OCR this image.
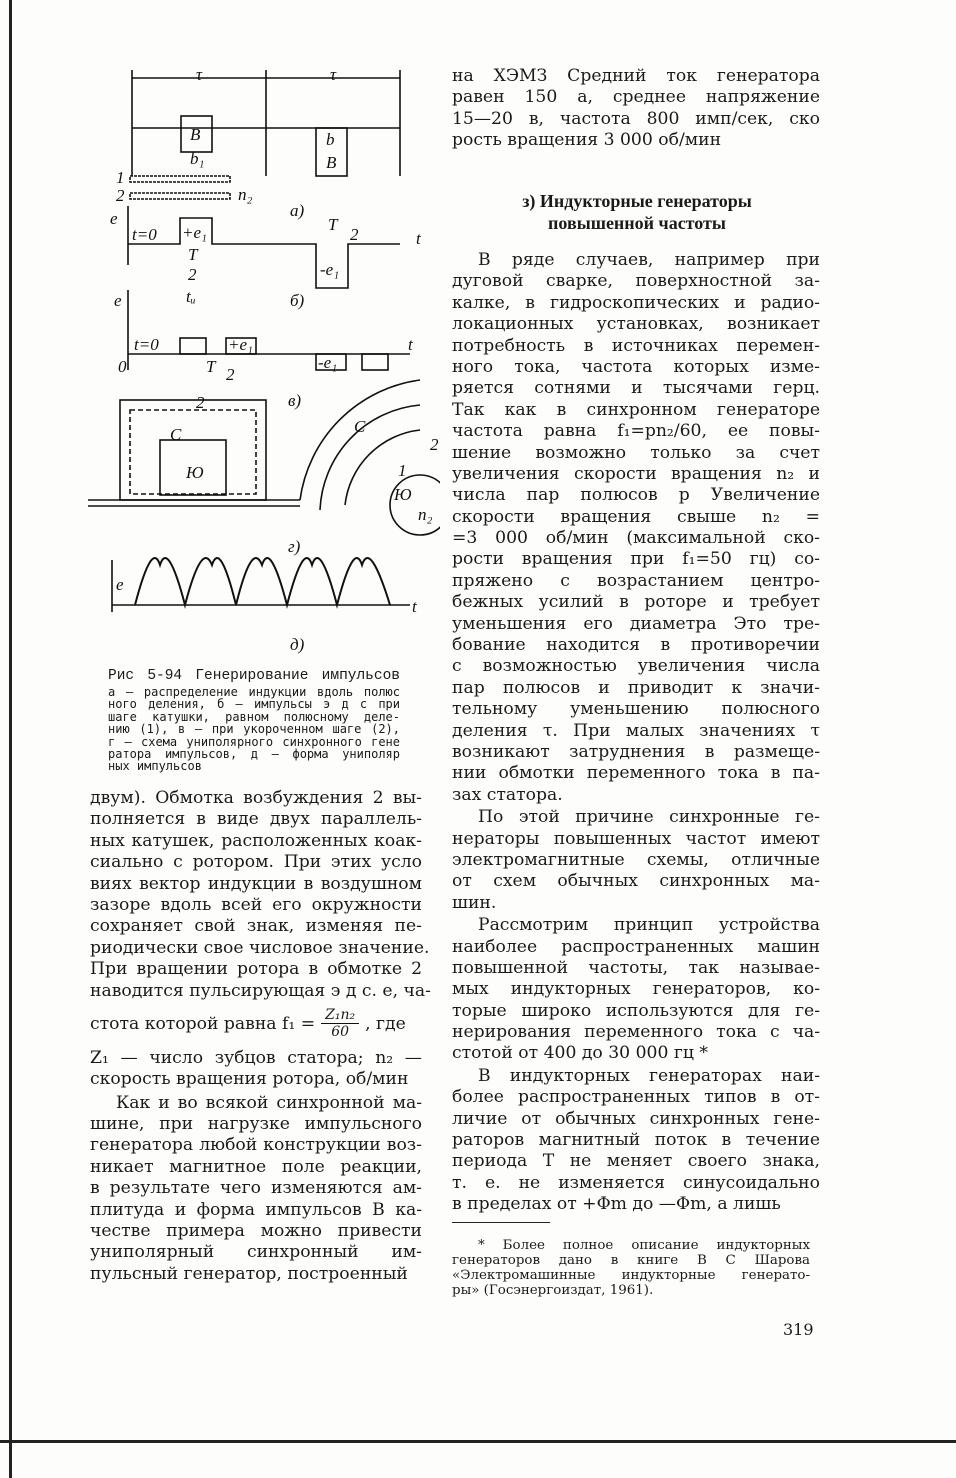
τ	τ
B
B
b₁
b
1
2	n₂
а)
e
t=0 +e₁
T
2
T
2	t
-e₁
tᵤ	б)
e
t=0	+e₁	t
0	T 2
-e₁
в)
C
2
Ю
C
1
2
Ю
n₂
г)
e
t
д)
Рис 5-94 Генерирование импульсов
а — распределение индукции вдоль полюс
ного деления, б — импульсы э д с при
шаге катушки, равном полюсному деле-
нию (1), в — при укороченном шаге (2),
г — схема униполярного синхронного гене
ратора импульсов, д — форма униполяр
ных импульсов
двум). Обмотка возбуждения 2 вы-
полняется в виде двух параллель-
ных катушек, расположенных коак-
сиально с ротором. При этих усло
виях вектор индукции в воздушном
зазоре вдоль всей его окружности
сохраняет свой знак, изменяя пе-
риодически свое числовое значение.
При вращении ротора в обмотке 2
наводится пульсирующая э д с. e, ча-
стота которой равна $f_1 = \frac{\text{Z₁n₂}}{60}$ , где
Z₁ — число зубцов статора; n₂ —
скорость вращения ротора, об/мин
Как и во всякой синхронной ма-
шине, при нагрузке импульсного
генератора любой конструкции воз-
никает магнитное поле реакции,
в результате чего изменяются ам-
плитуда и форма импульсов В ка-
честве примера можно привести
униполярный синхронный им-
пульсный генератор, построенный
на ХЭМЗ Средний ток генератора
равен 150 а, среднее напряжение
15—20 в, частота 800 имп/сек, ско
рость вращения 3 000 об/мин
з) Индукторные генераторы
повышенной частоты
В ряде случаев, например при
дуговой сварке, поверхностной за-
калке, в гидроскопических и радио-
локационных установках, возникает
потребность в источниках перемен-
ного тока, частота которых изме-
ряется сотнями и тысячами герц.
Так как в синхронном генераторе
частота равна f₁=pn₂/60, ее повы-
шение возможно только за счет
увеличения скорости вращения n₂ и
числа пар полюсов p Увеличение
скорости вращения свыше n₂ =
=3 000 об/мин (максимальной ско-
рости вращения при f₁=50 гц) со-
пряжено с возрастанием центро-
бежных усилий в роторе и требует
уменьшения его диаметра Это тре-
бование находится в противоречии
с возможностью увеличения числа
пар полюсов и приводит к значи-
тельному уменьшению полюсного
деления τ. При малых значениях τ
возникают затруднения в размеще-
нии обмотки переменного тока в па-
зах статора.
По этой причине синхронные ге-
нераторы повышенных частот имеют
электромагнитные схемы, отличные
от схем обычных синхронных ма-
шин.
Рассмотрим принцип устройства
наиболее распространенных машин
повышенной частоты, так называе-
мых индукторных генераторов, ко-
торые широко используются для ге-
нерирования переменного тока с ча-
стотой от 400 до 30 000 гц *
В индукторных генераторах наи-
более распространенных типов в от-
личие от обычных синхронных гене-
раторов магнитный поток в течение
периода T не меняет своего знака,
т. е. не изменяется синусоидально
в пределах от +Φm до —Φm, а лишь
* Более полное описание индукторных
генераторов дано в книге В С Шарова
«Электромашинные индукторные генерато-
ры» (Госэнергоиздат, 1961).
319
